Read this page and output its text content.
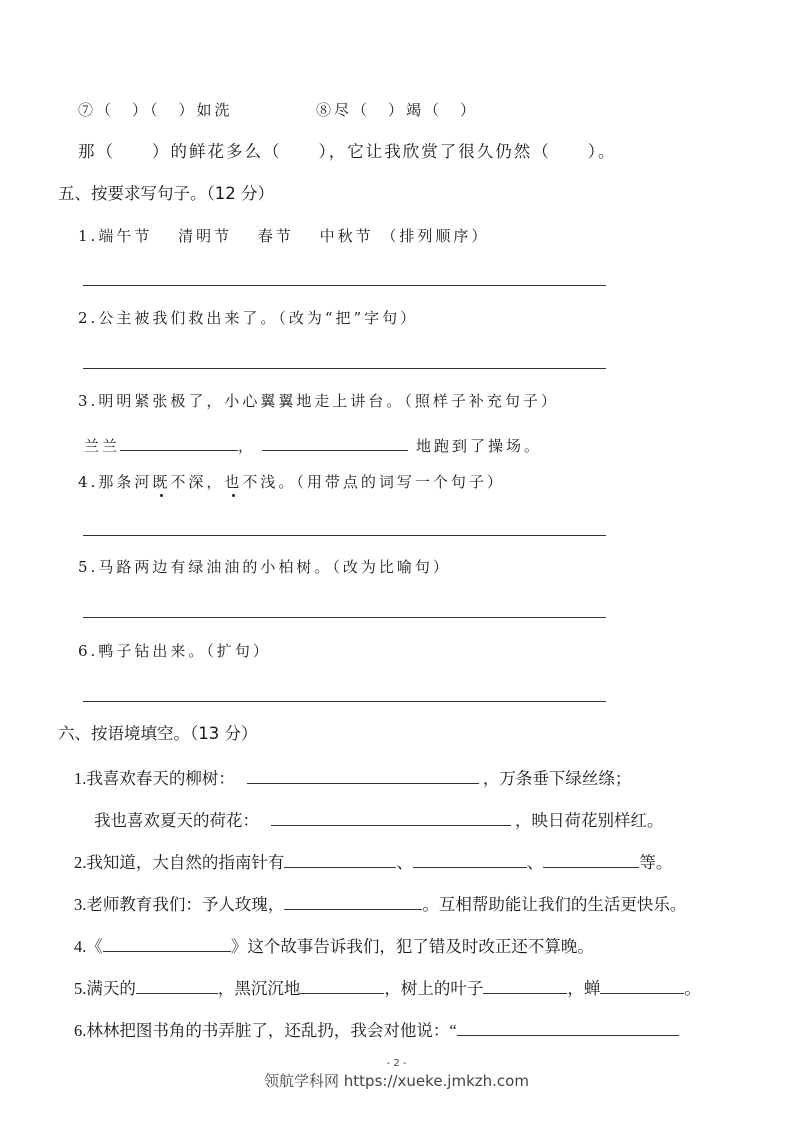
⑦（　）（　）如洗	⑧尽（　）竭（　）
那（　　）的鲜花多么（　　），它让我欣赏了很久仍然（　　）。
五、按要求写句子。（12 分）
1.端午节　 清明节　 春节　 中秋节 （排列顺序）
2.公主被我们救出来了。（改为“把”字句）
3.明明紧张极了，小心翼翼地走上讲台。（照样子补充句子）
兰兰	，	地跑到了操场。
4.那条河既不深，也不浅。（用带点的词写一个句子）
5.马路两边有绿油油的小柏树。（改为比喻句）
6.鸭子钻出来。（扩句）
六、按语境填空。（13 分）
1.我喜欢春天的柳树：	，万条垂下绿丝绦；
我也喜欢夏天的荷花：	，映日荷花别样红。
2.我知道，大自然的指南针有	、	、	等。
3.老师教育我们：予人玫瑰，	。互相帮助能让我们的生活更快乐。
4.《	》这个故事告诉我们，犯了错及时改正还不算晚。
5.满天的	，黑沉沉地	，树上的叶子	，蝉	。
6.林林把图书角的书弄脏了，还乱扔，我会对他说：“
- 2 -
领航学科网 https://xueke.jmkzh.com
